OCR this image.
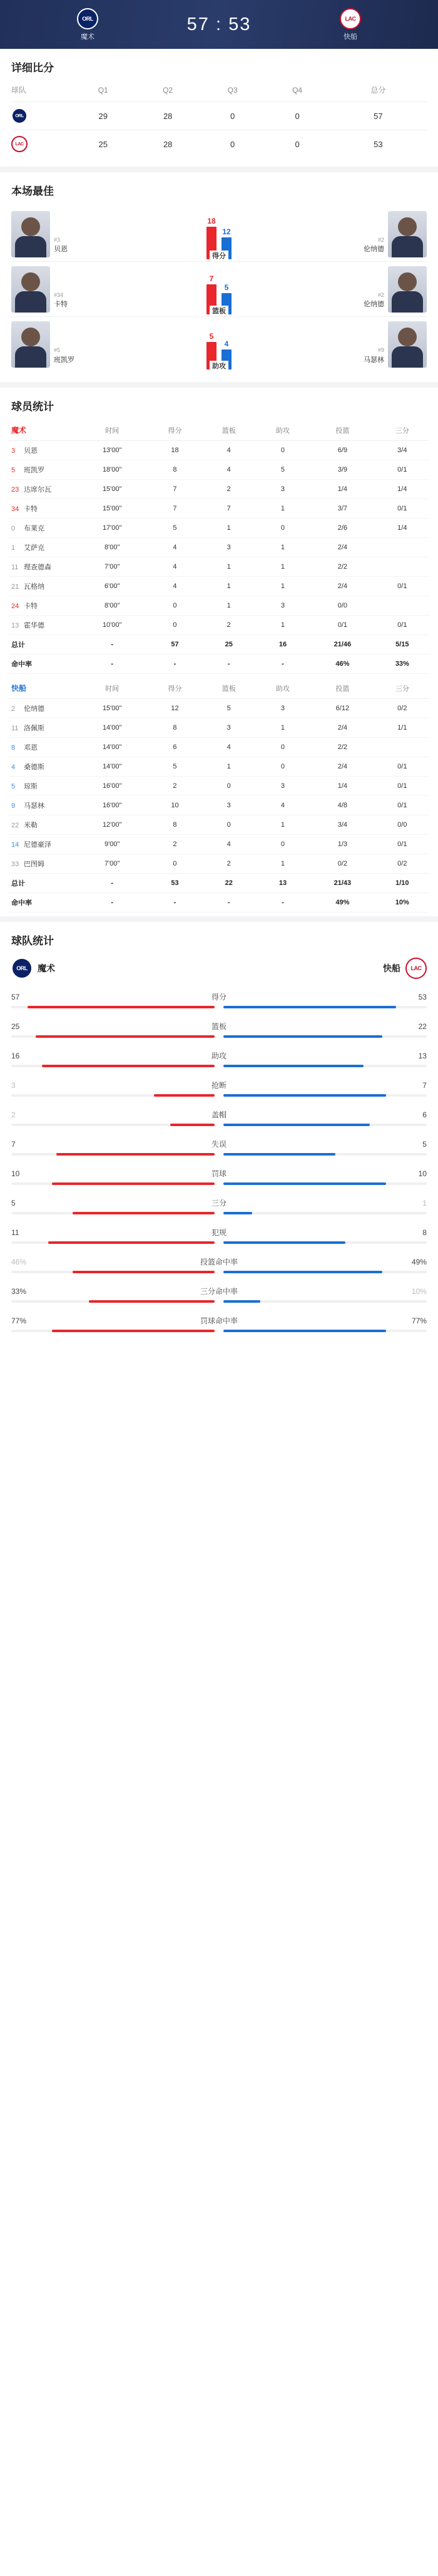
ORL
魔术
57 : 53	LAC
快船
详细比分
球队	Q1	Q2	Q3	Q4	总分

ORL	29	28	0	0	57

LAC	25	28	0	0	53
本场最佳
#3
贝恩
18
12
得分
#2
伦纳德
#34
卡特
7
5
篮板
#2
伦纳德
#5
班凯罗
5
4
助攻
#9
马瑟林
球员统计
魔术	时间	得分	篮板	助攻	投篮	三分
3 贝恩	13'00"	18	4	0	6/9	3/4
5 班凯罗	18'00"	8	4	5	3/9	0/1
23 达席尔瓦	15'00"	7	2	3	1/4	1/4
34 卡特	15'00"	7	7	1	3/7	0/1
0 布莱克	17'00"	5	1	0	2/6	1/4
1 艾萨克	8'00"	4	3	1	2/4	
11 理查德森	7'00"	4	1	1	2/2	
21 瓦格纳	6'00"	4	1	1	2/4	0/1
24 卡特	8'00"	0	1	3	0/0	
13 霍华德	10'00"	0	2	1	0/1	0/1
总计	-	57	25	16	21/46	5/15
命中率	-	-	-	-	46%	33%
快船	时间	得分	篮板	助攻	投篮	三分
2 伦纳德	15'00"	12	5	3	6/12	0/2
11 洛佩斯	14'00"	8	3	1	2/4	1/1
8 邓恩	14'00"	6	4	0	2/2	
4 桑德斯	14'00"	5	1	0	2/4	0/1
5 琼斯	16'00"	2	0	3	1/4	0/1
9 马瑟林	16'00"	10	3	4	4/8	0/1
22 米勒	12'00"	8	0	1	3/4	0/0
14 尼德豪泽	9'00"	2	4	0	1/3	0/1
33 巴图姆	7'00"	0	2	1	0/2	0/2
总计	-	53	22	13	21/43	1/10
命中率	-	-	-	-	49%	10%
球队统计
ORL 魔术	快船 LAC
57	得分	53
25	篮板	22
16	助攻	13
3	抢断	7
2	盖帽	6
7	失误	5
10	罚球	10
5	三分	1
11	犯规	8
46%	投篮命中率	49%
33%	三分命中率	10%
77%	罚球命中率	77%
